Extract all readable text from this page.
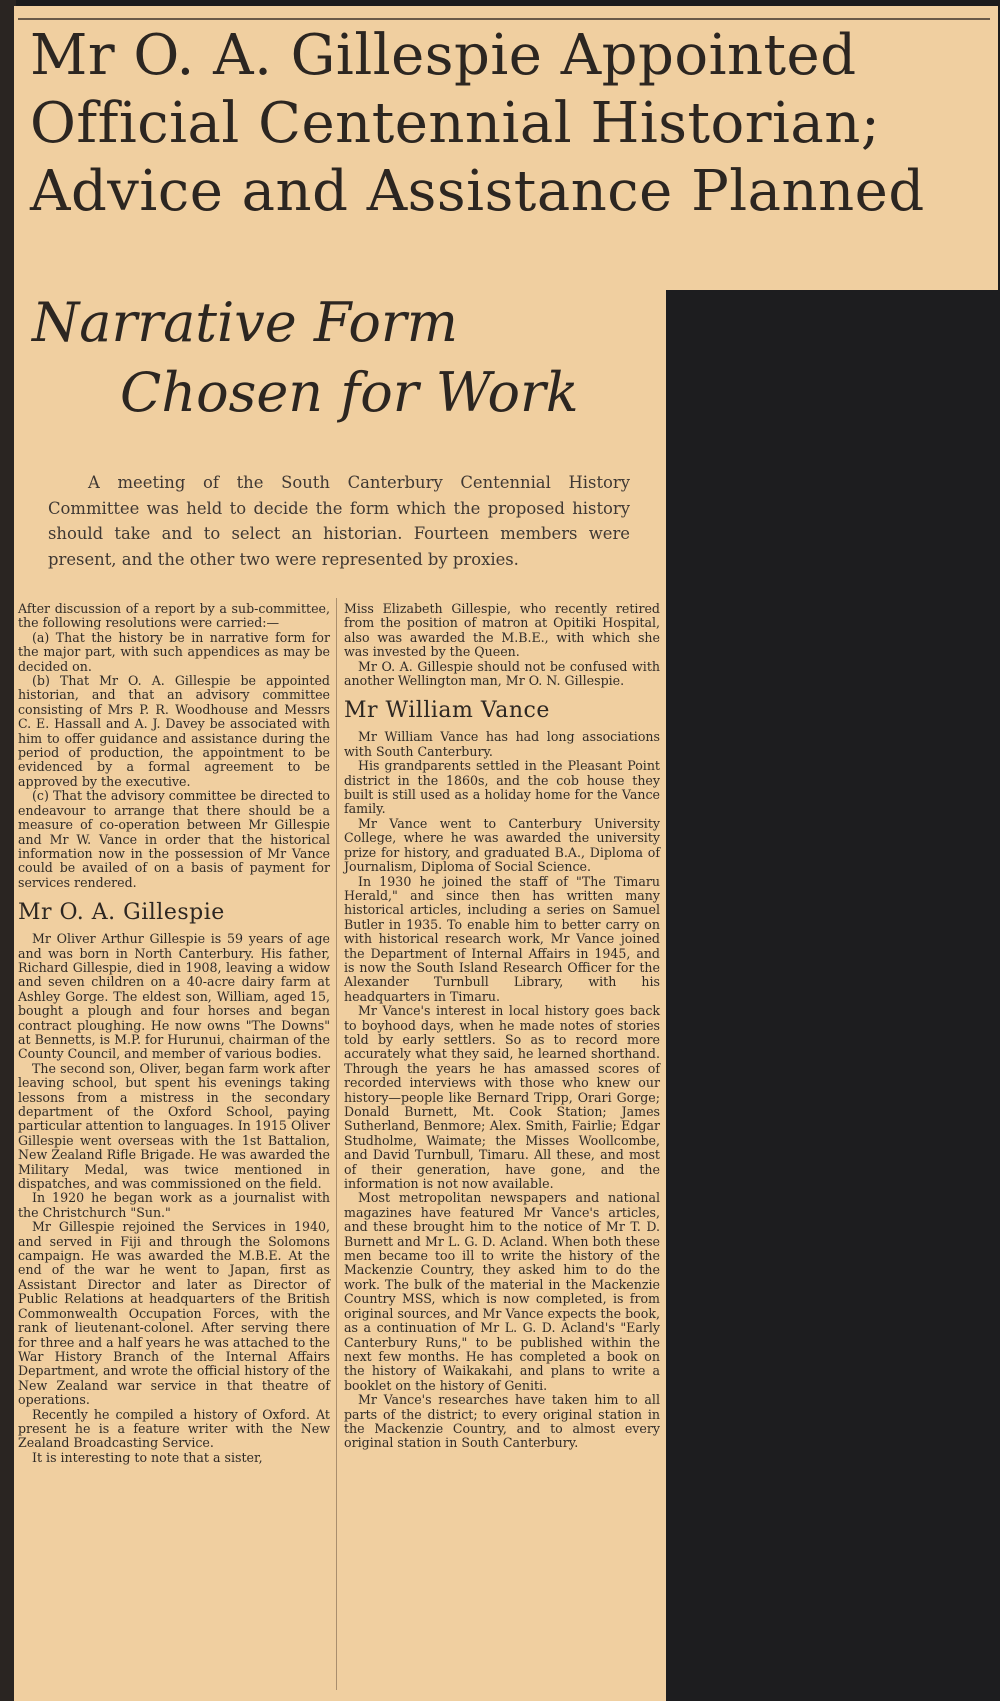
Mr O. A. Gillespie Appointed
Official Centennial Historian;
Advice and Assistance Planned
Narrative Form
Chosen for Work

A meeting of the South Canterbury Centennial History Committee was held to decide the form which the proposed history should take and to select an historian. Fourteen members were present, and the other two were represented by proxies.

After discussion of a report by a sub-committee, the following resolutions were carried:—

(a) That the history be in narrative form for the major part, with such appendices as may be decided on.

(b) That Mr O. A. Gillespie be appointed historian, and that an advisory committee consisting of Mrs P. R. Woodhouse and Messrs C. E. Hassall and A. J. Davey be associated with him to offer guidance and assistance during the period of production, the appointment to be evidenced by a formal agreement to be approved by the executive.

(c) That the advisory committee be directed to endeavour to arrange that there should be a measure of co-operation between Mr Gillespie and Mr W. Vance in order that the historical information now in the possession of Mr Vance could be availed of on a basis of payment for services rendered.

Mr O. A. Gillespie

Mr Oliver Arthur Gillespie is 59 years of age and was born in North Canterbury. His father, Richard Gillespie, died in 1908, leaving a widow and seven children on a 40-acre dairy farm at Ashley Gorge. The eldest son, William, aged 15, bought a plough and four horses and began contract ploughing. He now owns "The Downs" at Bennetts, is M.P. for Hurunui, chairman of the County Council, and member of various bodies.

The second son, Oliver, began farm work after leaving school, but spent his evenings taking lessons from a mistress in the secondary department of the Oxford School, paying particular attention to languages. In 1915 Oliver Gillespie went overseas with the 1st Battalion, New Zealand Rifle Brigade. He was awarded the Military Medal, was twice mentioned in dispatches, and was commissioned on the field.

In 1920 he began work as a journalist with the Christchurch "Sun."

Mr Gillespie rejoined the Services in 1940, and served in Fiji and through the Solomons campaign. He was awarded the M.B.E. At the end of the war he went to Japan, first as Assistant Director and later as Director of Public Relations at headquarters of the British Commonwealth Occupation Forces, with the rank of lieutenant-colonel. After serving there for three and a half years he was attached to the War History Branch of the Internal Affairs Department, and wrote the official history of the New Zealand war service in that theatre of operations.

Recently he compiled a history of Oxford. At present he is a feature writer with the New Zealand Broadcasting Service.

It is interesting to note that a sister,

Miss Elizabeth Gillespie, who recently retired from the position of matron at Opitiki Hospital, also was awarded the M.B.E., with which she was invested by the Queen.

Mr O. A. Gillespie should not be confused with another Wellington man, Mr O. N. Gillespie.

Mr William Vance

Mr William Vance has had long associations with South Canterbury.

His grandparents settled in the Pleasant Point district in the 1860s, and the cob house they built is still used as a holiday home for the Vance family.

Mr Vance went to Canterbury University College, where he was awarded the university prize for history, and graduated B.A., Diploma of Journalism, Diploma of Social Science.

In 1930 he joined the staff of "The Timaru Herald," and since then has written many historical articles, including a series on Samuel Butler in 1935. To enable him to better carry on with historical research work, Mr Vance joined the Department of Internal Affairs in 1945, and is now the South Island Research Officer for the Alexander Turnbull Library, with his headquarters in Timaru.

Mr Vance's interest in local history goes back to boyhood days, when he made notes of stories told by early settlers. So as to record more accurately what they said, he learned shorthand. Through the years he has amassed scores of recorded interviews with those who knew our history—people like Bernard Tripp, Orari Gorge; Donald Burnett, Mt. Cook Station; James Sutherland, Benmore; Alex. Smith, Fairlie; Edgar Studholme, Waimate; the Misses Woollcombe, and David Turnbull, Timaru. All these, and most of their generation, have gone, and the information is not now available.

Most metropolitan newspapers and national magazines have featured Mr Vance's articles, and these brought him to the notice of Mr T. D. Burnett and Mr L. G. D. Acland. When both these men became too ill to write the history of the Mackenzie Country, they asked him to do the work. The bulk of the material in the Mackenzie Country MSS, which is now completed, is from original sources, and Mr Vance expects the book, as a continuation of Mr L. G. D. Acland's "Early Canterbury Runs," to be published within the next few months. He has completed a book on the history of Waikakahi, and plans to write a booklet on the history of Geniti.

Mr Vance's researches have taken him to all parts of the district; to every original station in the Mackenzie Country, and to almost every original station in South Canterbury.
